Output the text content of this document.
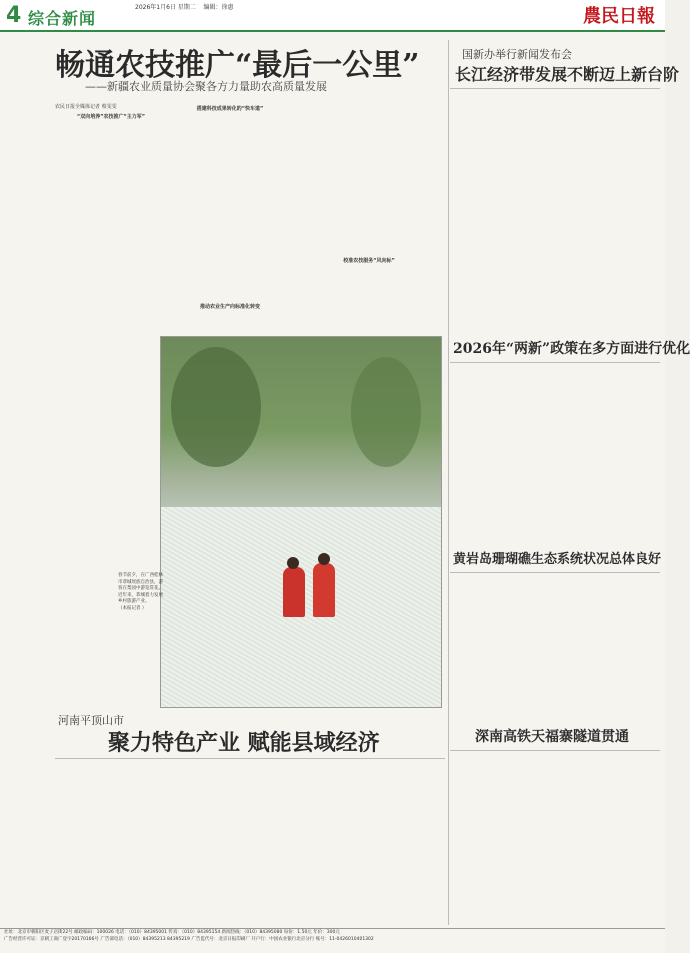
4 综合新闻
2026年1月6日 星期二 编辑：徐惠	農民日報
畅通农技推广“最后一公里”
——新疆农业质量协会聚各方力量助农高质量发展
农民日报全媒体记者 蔡雯雯

“双向培养”农技推广“主力军”

搭建科技成果转化的“快车道”

校准农技服务“风向标”

推动农业生产向标准化转变

春节前夕，在广西桂林市恭城瑶族自治县，游客在梨园中游览赏花。近年来，恭城着力发展乡村旅游产业。
（本报记者 ）
国新办举行新闻发布会
长江经济带发展不断迈上新台阶
2026年“两新”政策在多方面进行优化
黄岩岛珊瑚礁生态系统状况总体良好
深南高铁天福寨隧道贯通
河南平顶山市
聚力特色产业 赋能县域经济
社址：北京市朝阳区麦子店街22号 邮政编码：100026 电话：（010）84395001 传真：（010）84395154 新闻热线：（010）84395080 每份：1.50元 年价：300元
广告经营许可证：京朝工商广登字20170166号 广告部电话：（010）84395213 84395219 广告监代号：北京日报印刷厂 开户行：中国农业银行北京分行 账号：11-0426010401302
